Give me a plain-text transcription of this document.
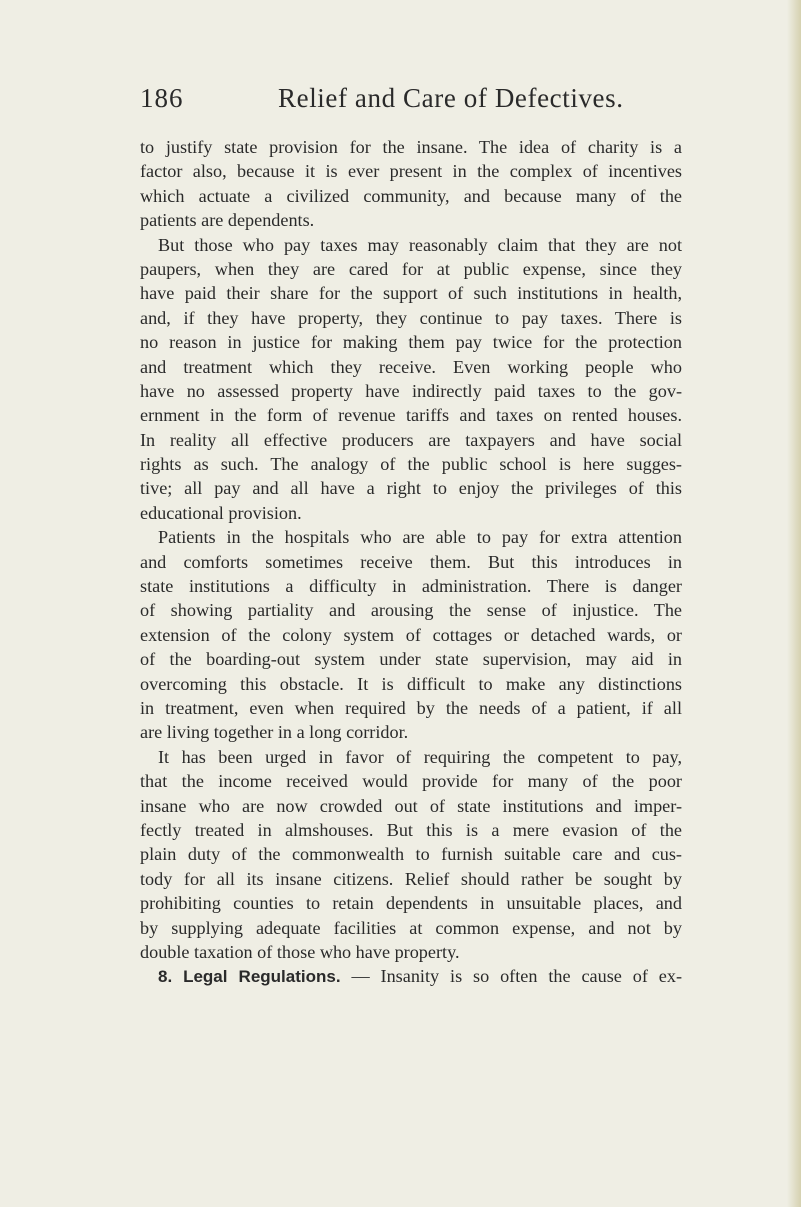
186	Relief and Care of Defectives.
to justify state provision for the insane. The idea of charity is a
factor also, because it is ever present in the complex of incentives
which actuate a civilized community, and because many of the
patients are dependents.
But those who pay taxes may reasonably claim that they are not
paupers, when they are cared for at public expense, since they
have paid their share for the support of such institutions in health,
and, if they have property, they continue to pay taxes. There is
no reason in justice for making them pay twice for the protection
and treatment which they receive. Even working people who
have no assessed property have indirectly paid taxes to the gov-
ernment in the form of revenue tariffs and taxes on rented houses.
In reality all effective producers are taxpayers and have social
rights as such. The analogy of the public school is here sugges-
tive; all pay and all have a right to enjoy the privileges of this
educational provision.
Patients in the hospitals who are able to pay for extra attention
and comforts sometimes receive them. But this introduces in
state institutions a difficulty in administration. There is danger
of showing partiality and arousing the sense of injustice. The
extension of the colony system of cottages or detached wards, or
of the boarding-out system under state supervision, may aid in
overcoming this obstacle. It is difficult to make any distinctions
in treatment, even when required by the needs of a patient, if all
are living together in a long corridor.
It has been urged in favor of requiring the competent to pay,
that the income received would provide for many of the poor
insane who are now crowded out of state institutions and imper-
fectly treated in almshouses. But this is a mere evasion of the
plain duty of the commonwealth to furnish suitable care and cus-
tody for all its insane citizens. Relief should rather be sought by
prohibiting counties to retain dependents in unsuitable places, and
by supplying adequate facilities at common expense, and not by
double taxation of those who have property.
8. Legal Regulations. — Insanity is so often the cause of ex-
